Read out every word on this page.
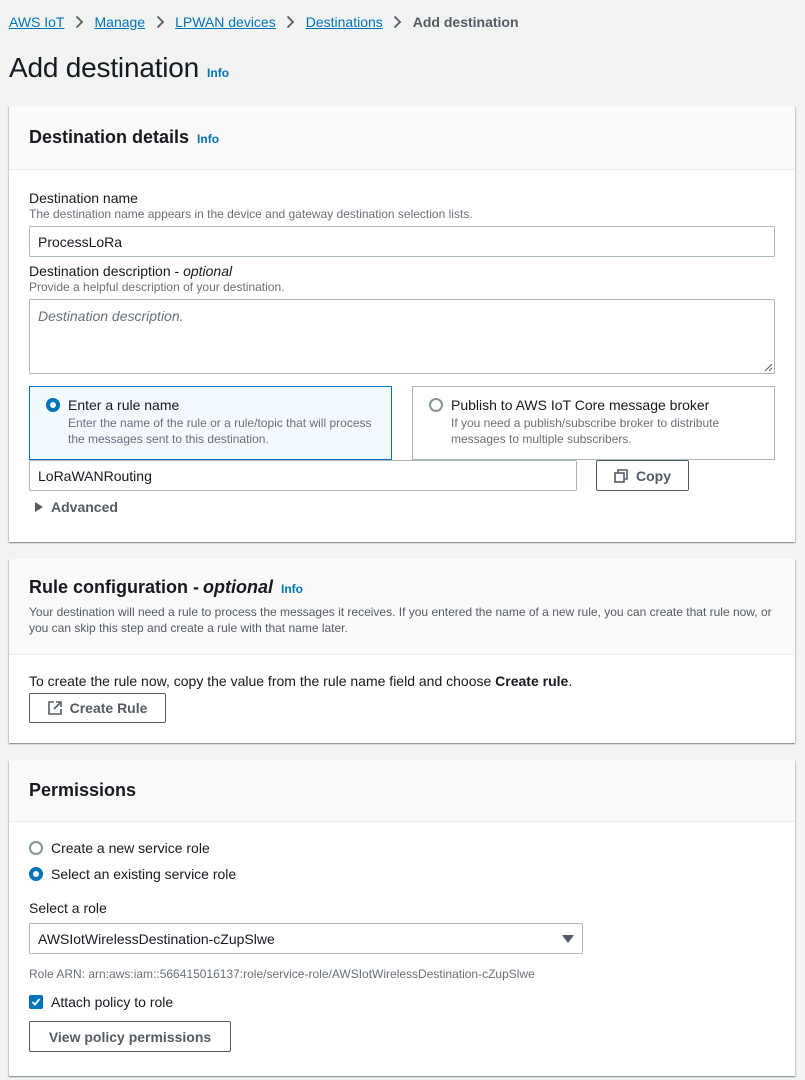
AWS IoT Manage LPWAN devices Destinations Add destination
Add destination Info
Destination details Info
Destination name
The destination name appears in the device and gateway destination selection lists.
ProcessLoRa
Destination description - optional
Provide a helpful description of your destination.
Destination description.
Enter a rule name
Enter the name of the rule or a rule/topic that will process the messages sent to this destination.
Publish to AWS IoT Core message broker
If you need a publish/subscribe broker to distribute messages to multiple subscribers.
LoRaWANRouting	Copy
Advanced
Rule configuration - optional Info
Your destination will need a rule to process the messages it receives. If you entered the name of a new rule, you can create that rule now, or you can skip this step and create a rule with that name later.
To create the rule now, copy the value from the rule name field and choose Create rule.
Create Rule
Permissions
Create a new service role
Select an existing service role
Select a role
AWSIotWirelessDestination-cZupSlwe
Role ARN: arn:aws:iam::566415016137:role/service-role/AWSIotWirelessDestination-cZupSlwe
Attach policy to role
View policy permissions
